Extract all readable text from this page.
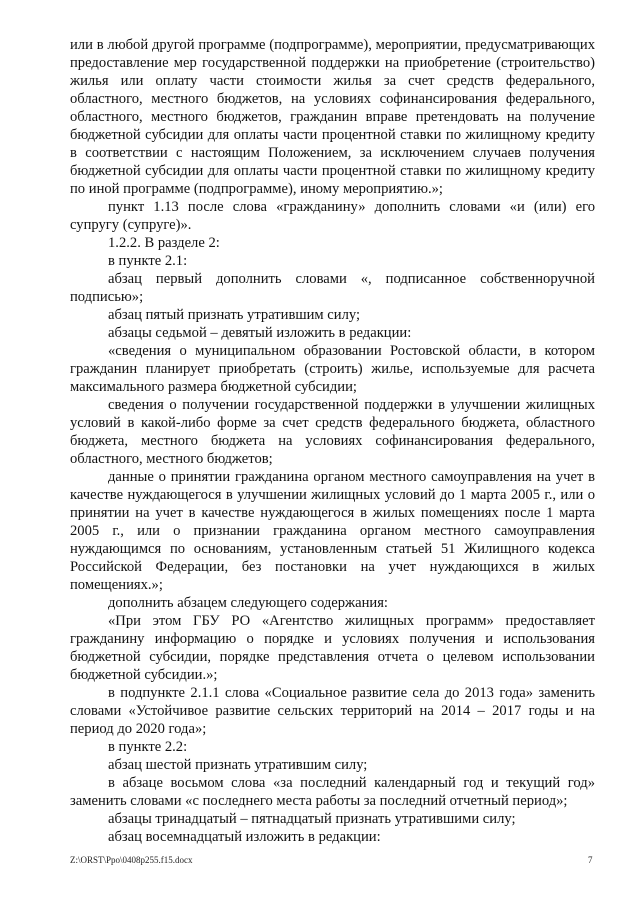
или в любой другой программе (подпрограмме), мероприятии, предусматривающих предоставление мер государственной поддержки на приобретение (строительство) жилья или оплату части стоимости жилья за счет средств федерального, областного, местного бюджетов, на условиях софинансирования федерального, областного, местного бюджетов, гражданин вправе претендовать на получение бюджетной субсидии для оплаты части процентной ставки по жилищному кредиту в соответствии с настоящим Положением, за исключением случаев получения бюджетной субсидии для оплаты части процентной ставки по жилищному кредиту по иной программе (подпрограмме), иному мероприятию.»;

пункт 1.13 после слова «гражданину» дополнить словами «и (или) его супругу (супруге)».

1.2.2. В разделе 2:

в пункте 2.1:

абзац первый дополнить словами «, подписанное собственноручной подписью»;

абзац пятый признать утратившим силу;

абзацы седьмой – девятый изложить в редакции:

«сведения о муниципальном образовании Ростовской области, в котором гражданин планирует приобретать (строить) жилье, используемые для расчета максимального размера бюджетной субсидии;

сведения о получении государственной поддержки в улучшении жилищных условий в какой-либо форме за счет средств федерального бюджета, областного бюджета, местного бюджета на условиях софинансирования федерального, областного, местного бюджетов;

данные о принятии гражданина органом местного самоуправления на учет в качестве нуждающегося в улучшении жилищных условий до 1 марта 2005 г., или о принятии на учет в качестве нуждающегося в жилых помещениях после 1 марта 2005 г., или о признании гражданина органом местного самоуправления нуждающимся по основаниям, установленным статьей 51 Жилищного кодекса Российской Федерации, без постановки на учет нуждающихся в жилых помещениях.»;

дополнить абзацем следующего содержания:

«При этом ГБУ РО «Агентство жилищных программ» предоставляет гражданину информацию о порядке и условиях получения и использования бюджетной субсидии, порядке представления отчета о целевом использовании бюджетной субсидии.»;

в подпункте 2.1.1 слова «Социальное развитие села до 2013 года» заменить словами «Устойчивое развитие сельских территорий на 2014 – 2017 годы и на период до 2020 года»;

в пункте 2.2:

абзац шестой признать утратившим силу;

в абзаце восьмом слова «за последний календарный год и текущий год» заменить словами «с последнего места работы за последний отчетный период»;

абзацы тринадцатый – пятнадцатый признать утратившими силу;

абзац восемнадцатый изложить в редакции:

Z:\ORST\Ppo\0408p255.f15.docx	7
